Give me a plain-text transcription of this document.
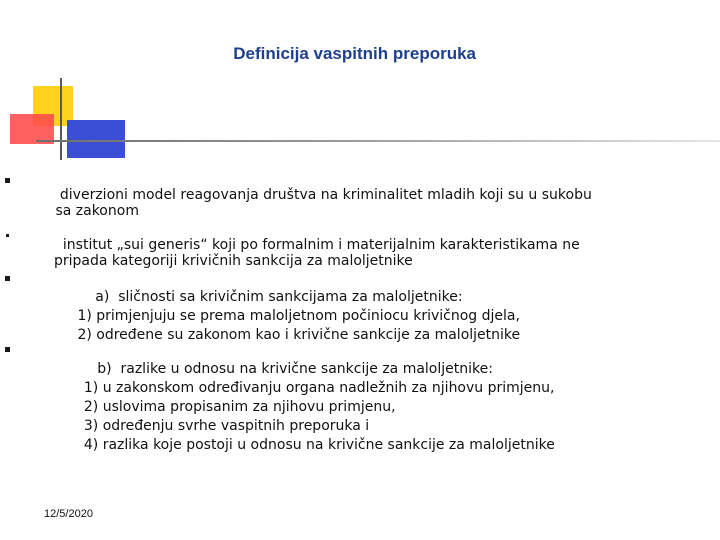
Definicija vaspitnih preporuka

diverzioni model reagovanja društva na kriminalitet mladih koji su u sukobu
sa zakonom

institut „sui generis“ koji po formalnim i materijalnim karakteristikama ne
pripada kategoriji krivičnih sankcija za maloljetnike

a)  sličnosti sa krivičnim sankcijama za maloljetnike:
1) primjenjuju se prema maloljetnom počiniocu krivičnog djela,
2) određene su zakonom kao i krivične sankcije za maloljetnike

b)  razlike u odnosu na krivične sankcije za maloljetnike:
1) u zakonskom određivanju organa nadležnih za njihovu primjenu,
2) uslovima propisanim za njihovu primjenu,
3) određenju svrhe vaspitnih preporuka i
4) razlika koje postoji u odnosu na krivične sankcije za maloljetnike

12/5/2020
